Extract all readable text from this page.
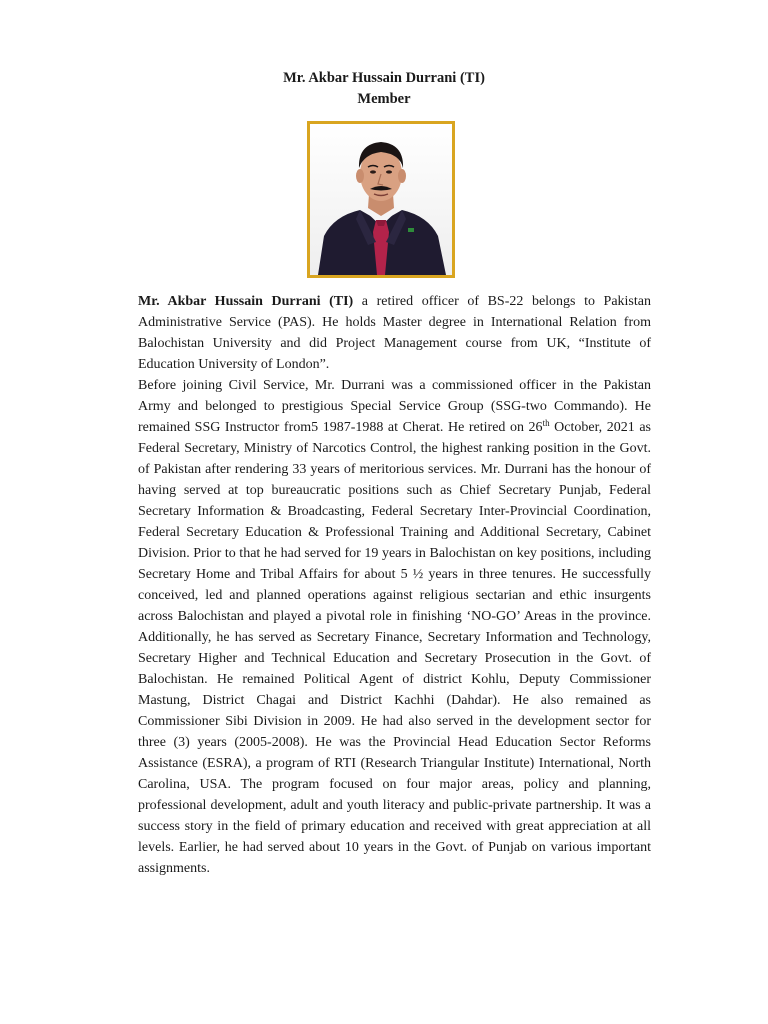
Mr. Akbar Hussain Durrani (TI)
Member

Mr. Akbar Hussain Durrani (TI) a retired officer of BS-22 belongs to Pakistan Administrative Service (PAS). He holds Master degree in International Relation from Balochistan University and did Project Management course from UK, “Institute of Education University of London”.

Before joining Civil Service, Mr. Durrani was a commissioned officer in the Pakistan Army and belonged to prestigious Special Service Group (SSG-two Commando). He remained SSG Instructor from5 1987-1988 at Cherat. He retired on 26th October, 2021 as Federal Secretary, Ministry of Narcotics Control, the highest ranking position in the Govt. of Pakistan after rendering 33 years of meritorious services. Mr. Durrani has the honour of having served at top bureaucratic positions such as Chief Secretary Punjab, Federal Secretary Information & Broadcasting, Federal Secretary Inter-Provincial Coordination, Federal Secretary Education & Professional Training and Additional Secretary, Cabinet Division. Prior to that he had served for 19 years in Balochistan on key positions, including Secretary Home and Tribal Affairs for about 5 ½ years in three tenures. He successfully conceived, led and planned operations against religious sectarian and ethic insurgents across Balochistan and played a pivotal role in finishing ‘NO-GO’ Areas in the province. Additionally, he has served as Secretary Finance, Secretary Information and Technology, Secretary Higher and Technical Education and Secretary Prosecution in the Govt. of Balochistan. He remained Political Agent of district Kohlu, Deputy Commissioner Mastung, District Chagai and District Kachhi (Dahdar). He also remained as Commissioner Sibi Division in 2009. He had also served in the development sector for three (3) years (2005-2008). He was the Provincial Head Education Sector Reforms Assistance (ESRA), a program of RTI (Research Triangular Institute) International, North Carolina, USA. The program focused on four major areas, policy and planning, professional development, adult and youth literacy and public-private partnership. It was a success story in the field of primary education and received with great appreciation at all levels. Earlier, he had served about 10 years in the Govt. of Punjab on various important assignments.
